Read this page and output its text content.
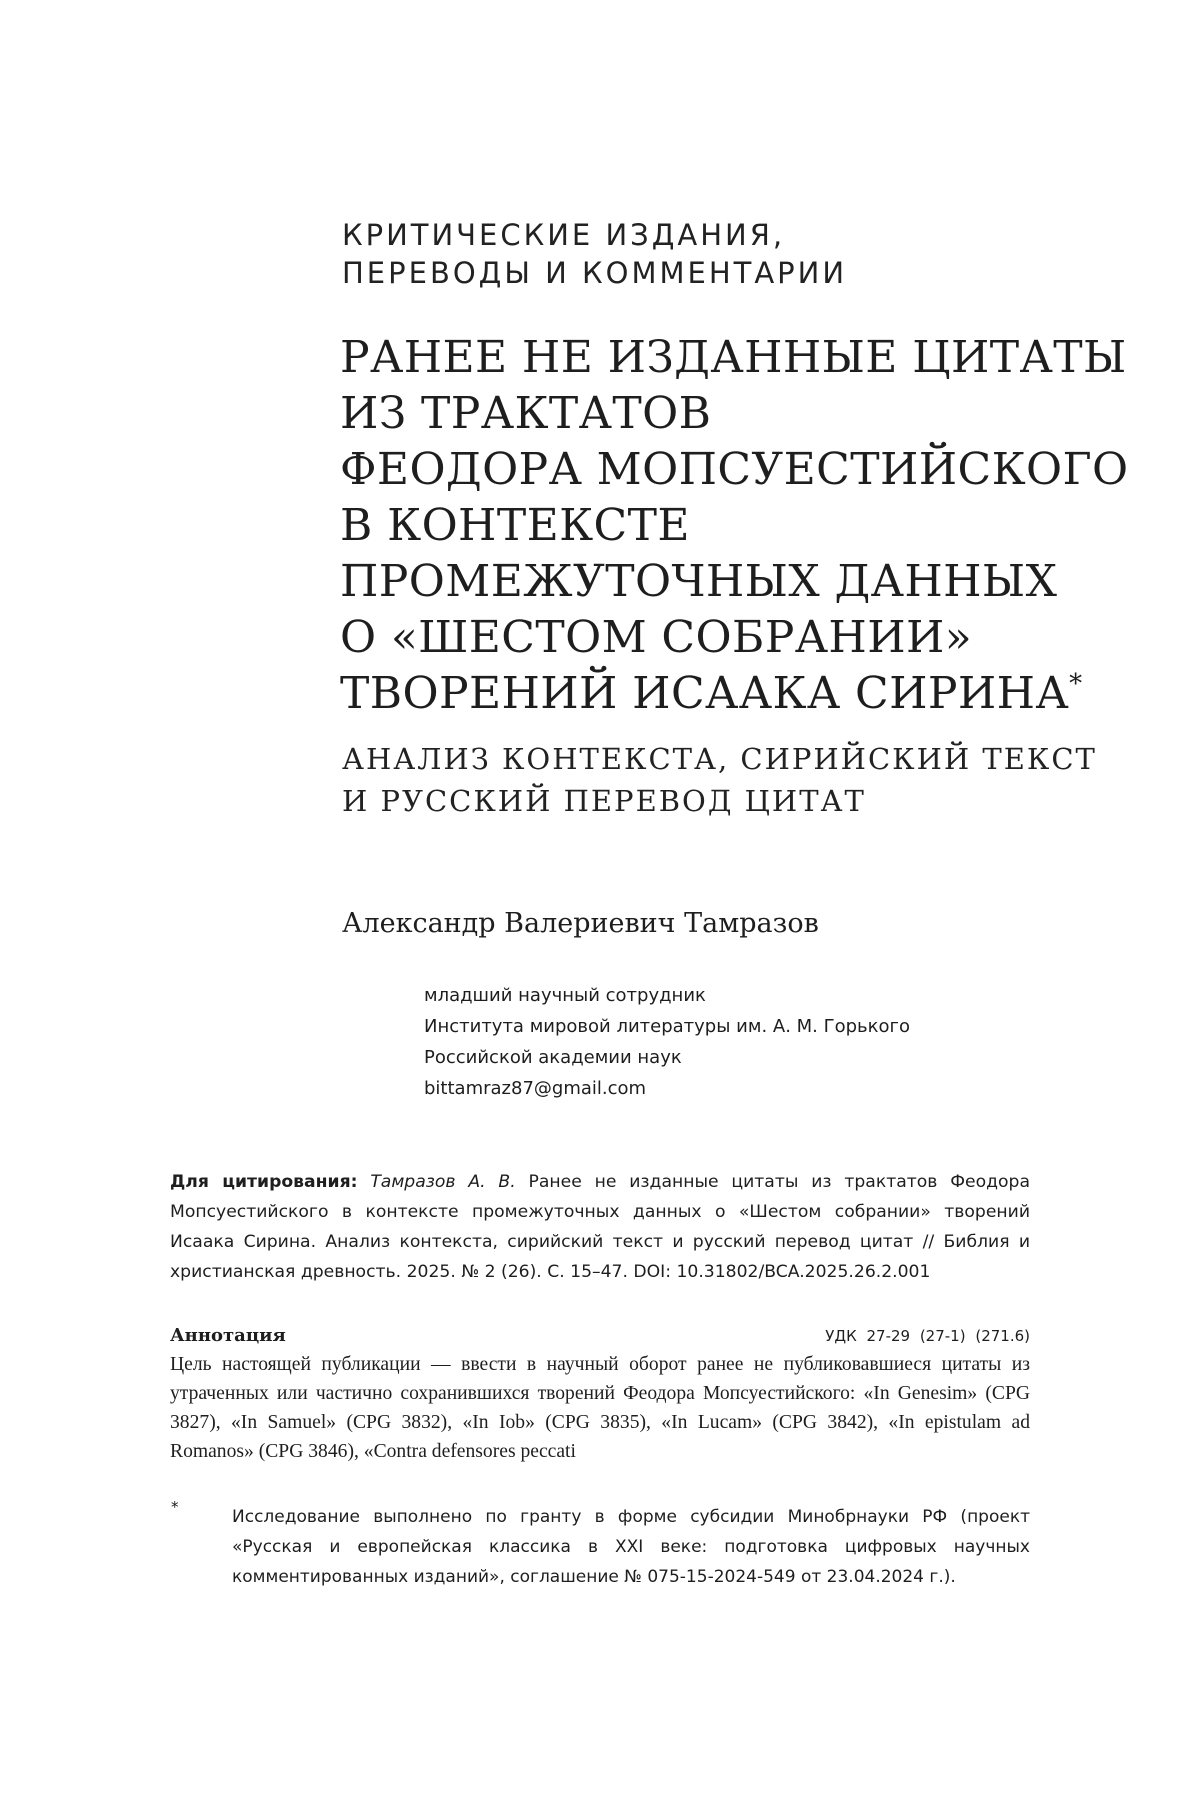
КРИТИЧЕСКИЕ ИЗДАНИЯ,
ПЕРЕВОДЫ И КОММЕНТАРИИ
РАНЕЕ НЕ ИЗДАННЫЕ ЦИТАТЫ
ИЗ ТРАКТАТОВ
ФЕОДОРА МОПСУЕСТИЙСКОГО
В КОНТЕКСТЕ
ПРОМЕЖУТОЧНЫХ ДАННЫХ
О «ШЕСТОМ СОБРАНИИ»
ТВОРЕНИЙ ИСААКА СИРИНА*
АНАЛИЗ КОНТЕКСТА, СИРИЙСКИЙ ТЕКСТ
И РУССКИЙ ПЕРЕВОД ЦИТАТ
Александр Валериевич Тамразов
младший научный сотрудник
Института мировой литературы им. А. М. Горького
Российской академии наук
bittamraz87@gmail.com
Для цитирования: Тамразов А. В. Ранее не изданные цитаты из трактатов Феодора Мопсуестийского в контексте промежуточных данных о «Шестом собрании» творений Исаака Сирина. Анализ контекста, сирийский текст и русский перевод цитат // Библия и христианская древность. 2025. № 2 (26). С. 15–47. DOI: 10.31802/BCA.2025.26.2.001
Аннотация	УДК 27-29 (27-1) (271.6)
Цель настоящей публикации — ввести в научный оборот ранее не публиковавшиеся цитаты из утраченных или частично сохранившихся творений Феодора Мопсуестийского: «In Genesim» (CPG 3827), «In Samuel» (CPG 3832), «In Iob» (CPG 3835), «In Lucam» (CPG 3842), «In epistulam ad Romanos» (CPG 3846), «Contra defensores peccati
*	Исследование выполнено по гранту в форме субсидии Минобрнауки РФ (проект «Русская и европейская классика в XXI веке: подготовка цифровых научных комментированных изданий», соглашение № 075-15-2024-549 от 23.04.2024 г.).
